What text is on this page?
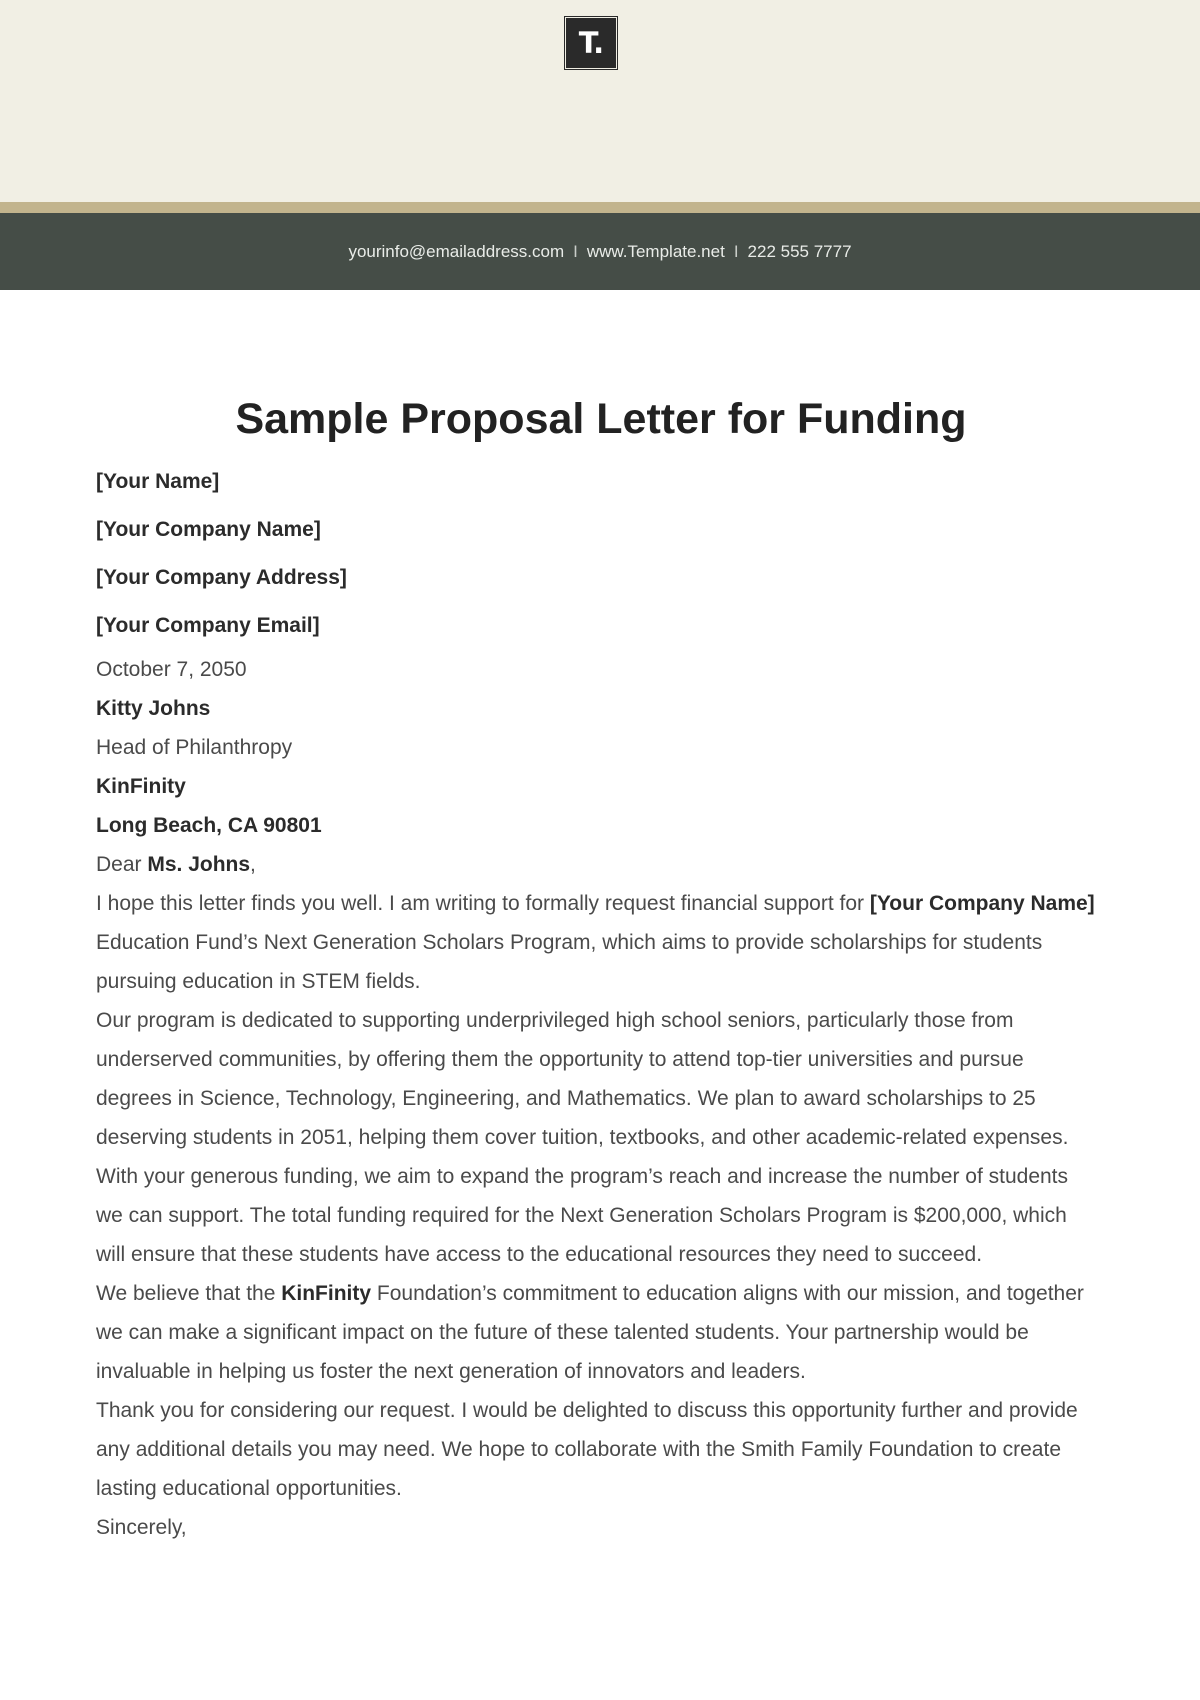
T.
yourinfo@emailaddress.com I www.Template.net I 222 555 7777
Sample Proposal Letter for Funding

[Your Name]

[Your Company Name]

[Your Company Address]

[Your Company Email]

October 7, 2050

Kitty Johns

Head of Philanthropy

KinFinity

Long Beach, CA 90801

Dear Ms. Johns,

I hope this letter finds you well. I am writing to formally request financial support for [Your Company Name] Education Fund’s Next Generation Scholars Program, which aims to provide scholarships for students pursuing education in STEM fields.

Our program is dedicated to supporting underprivileged high school seniors, particularly those from underserved communities, by offering them the opportunity to attend top-tier universities and pursue degrees in Science, Technology, Engineering, and Mathematics. We plan to award scholarships to 25 deserving students in 2051, helping them cover tuition, textbooks, and other academic-related expenses.

With your generous funding, we aim to expand the program’s reach and increase the number of students we can support. The total funding required for the Next Generation Scholars Program is $200,000, which will ensure that these students have access to the educational resources they need to succeed.

We believe that the KinFinity Foundation’s commitment to education aligns with our mission, and together we can make a significant impact on the future of these talented students. Your partnership would be invaluable in helping us foster the next generation of innovators and leaders.

Thank you for considering our request. I would be delighted to discuss this opportunity further and provide any additional details you may need. We hope to collaborate with the Smith Family Foundation to create lasting educational opportunities.

Sincerely,
